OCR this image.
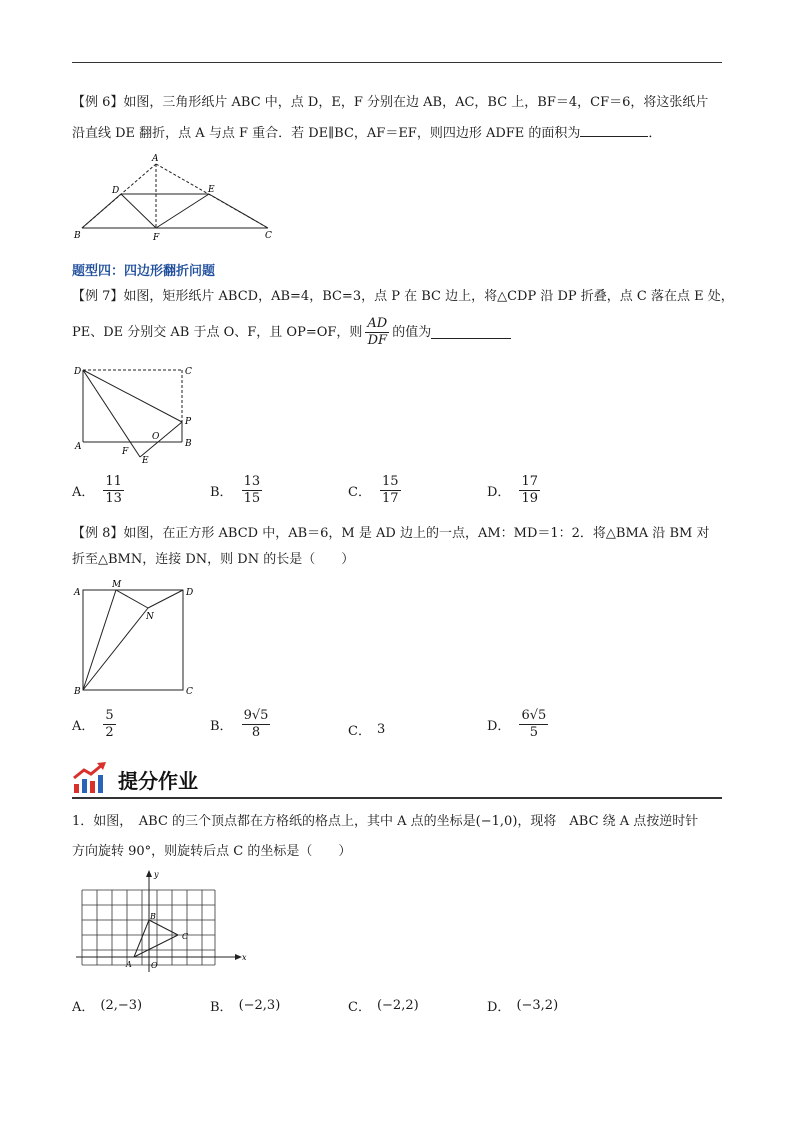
【例 6】如图，三角形纸片 ABC 中，点 D，E，F 分别在边 AB，AC，BC 上，BF＝4，CF＝6，将这张纸片
沿直线 DE 翻折，点 A 与点 F 重合．若 DE∥BC，AF＝EF，则四边形 ADFE 的面积为	．
A
B	C
D	E
F
题型四：四边形翻折问题
【例 7】如图，矩形纸片 ABCD，AB=4，BC=3，点 P 在 BC 边上，将△CDP 沿 DP 折叠，点 C 落在点 E 处，
PE、DE 分别交 AB 于点 O、F，且 OP=OF，则 $\frac{AD}{DF}$ 的值为
D	C
A	B
P
O
F
E
A． $\frac{11}{13}$	B． $\frac{13}{15}$	C． $\frac{15}{17}$	D． $\frac{17}{19}$
【例 8】如图，在正方形 ABCD 中，AB＝6，M 是 AD 边上的一点，AM：MD＝1：2．将△BMA 沿 BM 对
折至△BMN，连接 DN，则 DN 的长是（　　）
A	D
B	C
M
N
A． $\frac{5}{2}$	B． $\frac{9√5}{8}$	C． 3	D． $\frac{6√5}{5}$
提分作业
1．如图，　ABC 的三个顶点都在方格纸的格点上，其中 A 点的坐标是(−1,0)，现将　ABC 绕 A 点按逆时针
方向旋转 90°，则旋转后点 C 的坐标是（　　）
x
y
O
A
B
C
A． (2,−3)	B． (−2,3)	C． (−2,2)	D． (−3,2)
